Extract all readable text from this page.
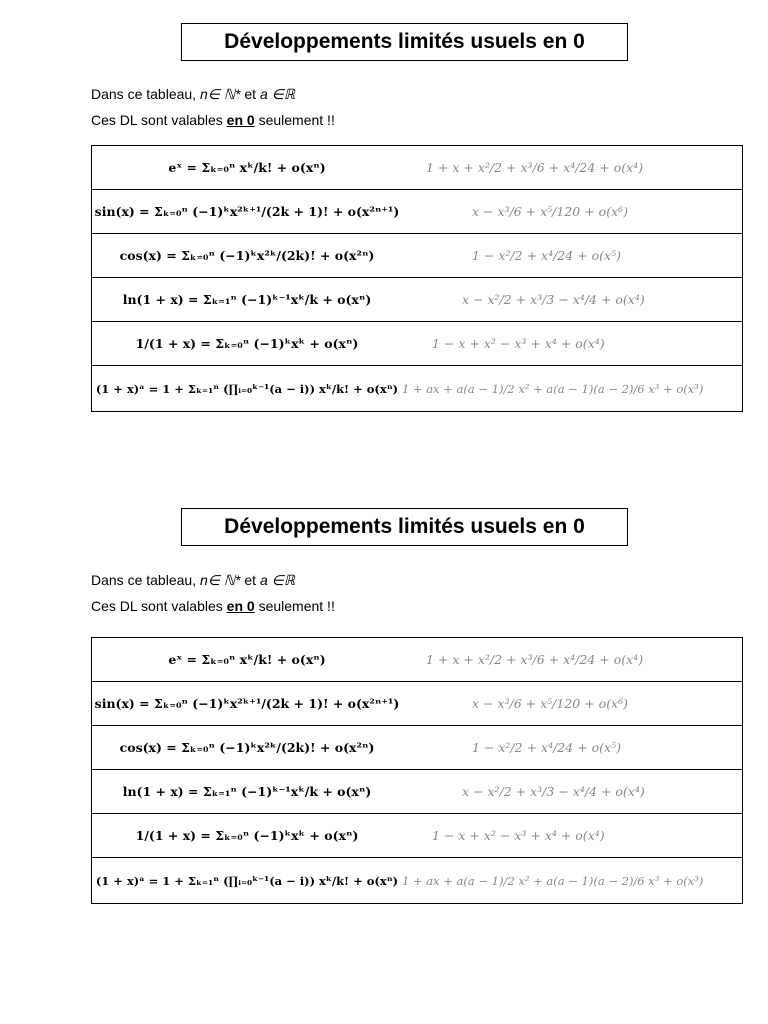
Développements limités usuels en 0
Dans ce tableau, n∈ ℕ* et a ∈ℝ
Ces DL sont valables en 0 seulement !!
eˣ = Σₖ₌₀ⁿ xᵏ/k! + o(xⁿ)	1 + x + x²/2 + x³/6 + x⁴/24 + o(x⁴)
sin(x) = Σₖ₌₀ⁿ (−1)ᵏx²ᵏ⁺¹/(2k + 1)! + o(x²ⁿ⁺¹)	x − x³/6 + x⁵/120 + o(x⁶)
cos(x) = Σₖ₌₀ⁿ (−1)ᵏx²ᵏ/(2k)! + o(x²ⁿ)	1 − x²/2 + x⁴/24 + o(x⁵)
ln(1 + x) = Σₖ₌₁ⁿ (−1)ᵏ⁻¹xᵏ/k + o(xⁿ)	x − x²/2 + x³/3 − x⁴/4 + o(x⁴)
1/(1 + x) = Σₖ₌₀ⁿ (−1)ᵏxᵏ + o(xⁿ)	1 − x + x² − x³ + x⁴ + o(x⁴)
(1 + x)ᵃ = 1 + Σₖ₌₁ⁿ (∏ᵢ₌₀ᵏ⁻¹(a − i)) xᵏ/k! + o(xⁿ)	1 + ax + a(a − 1)/2 x² + a(a − 1)(a − 2)/6 x³ + o(x³)
Développements limités usuels en 0
Dans ce tableau, n∈ ℕ* et a ∈ℝ
Ces DL sont valables en 0 seulement !!
eˣ = Σₖ₌₀ⁿ xᵏ/k! + o(xⁿ)	1 + x + x²/2 + x³/6 + x⁴/24 + o(x⁴)
sin(x) = Σₖ₌₀ⁿ (−1)ᵏx²ᵏ⁺¹/(2k + 1)! + o(x²ⁿ⁺¹)	x − x³/6 + x⁵/120 + o(x⁶)
cos(x) = Σₖ₌₀ⁿ (−1)ᵏx²ᵏ/(2k)! + o(x²ⁿ)	1 − x²/2 + x⁴/24 + o(x⁵)
ln(1 + x) = Σₖ₌₁ⁿ (−1)ᵏ⁻¹xᵏ/k + o(xⁿ)	x − x²/2 + x³/3 − x⁴/4 + o(x⁴)
1/(1 + x) = Σₖ₌₀ⁿ (−1)ᵏxᵏ + o(xⁿ)	1 − x + x² − x³ + x⁴ + o(x⁴)
(1 + x)ᵃ = 1 + Σₖ₌₁ⁿ (∏ᵢ₌₀ᵏ⁻¹(a − i)) xᵏ/k! + o(xⁿ)	1 + ax + a(a − 1)/2 x² + a(a − 1)(a − 2)/6 x³ + o(x³)
